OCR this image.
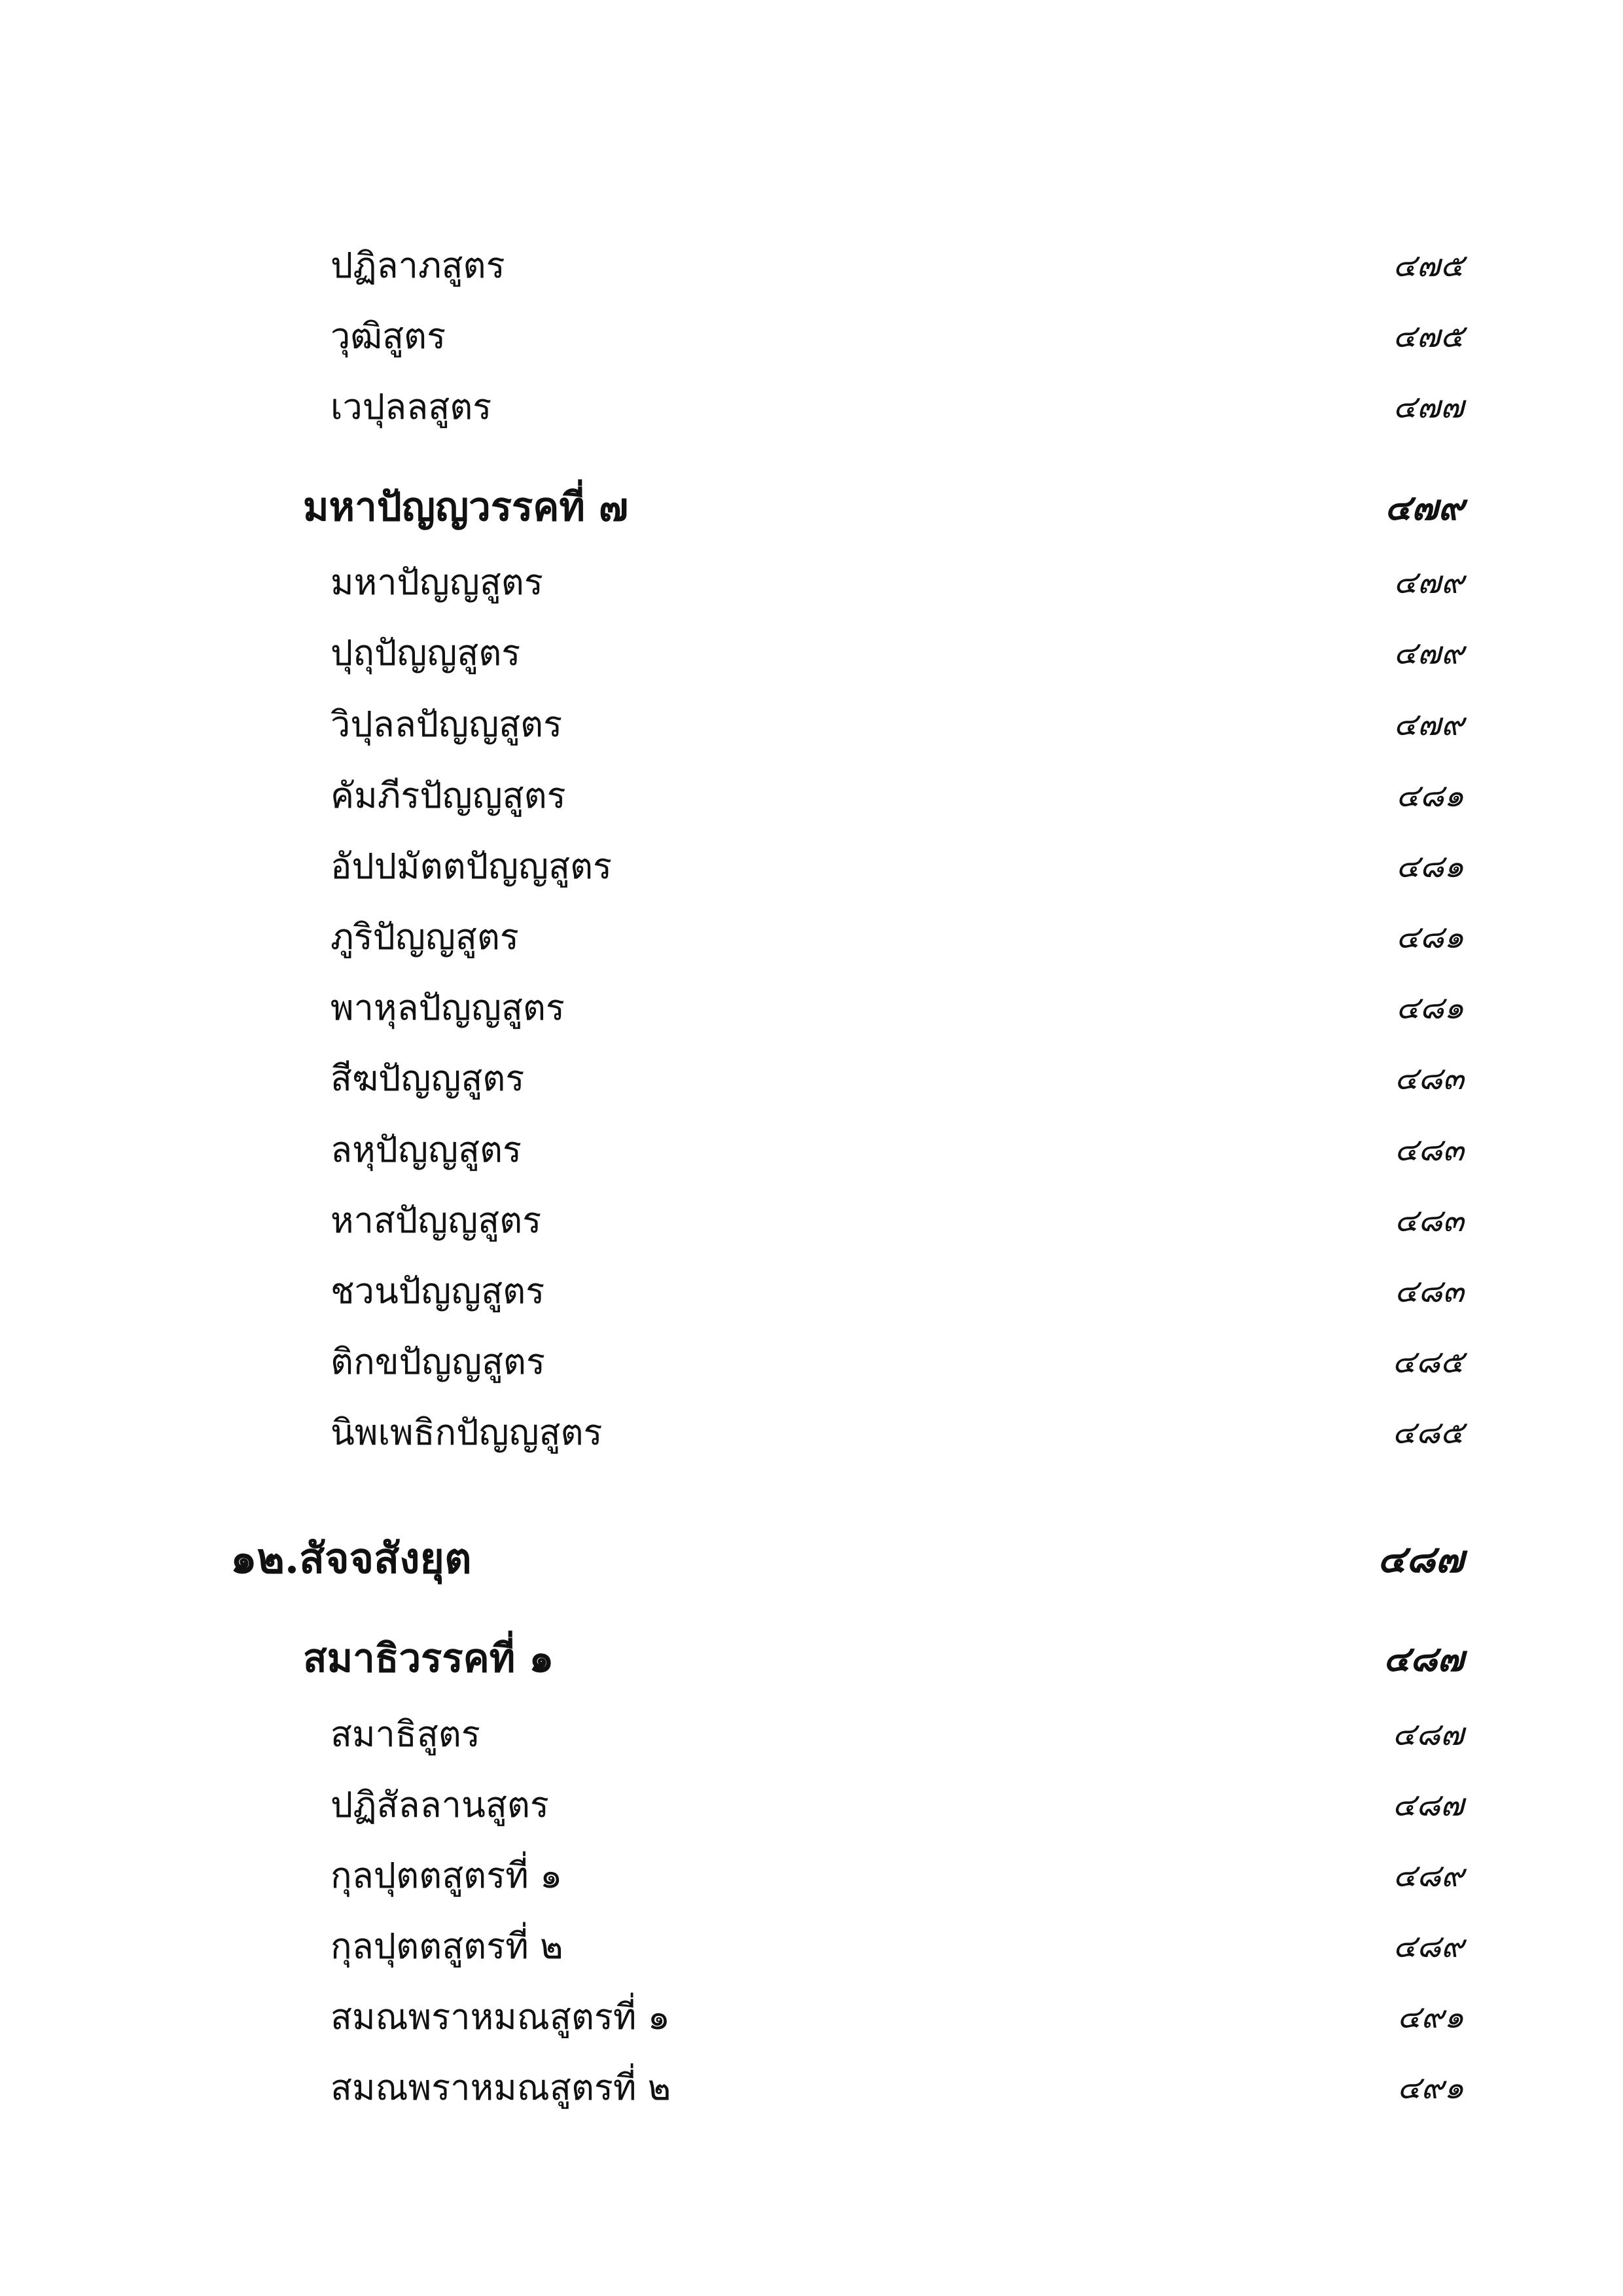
ปฏิลาภสูตร	๔๗๕
วุฒิสูตร	๔๗๕
เวปุลลสูตร	๔๗๗
มหาปัญญวรรคที่ ๗	๔๗๙
มหาปัญญสูตร	๔๗๙
ปุถุปัญญสูตร	๔๗๙
วิปุลลปัญญสูตร	๔๗๙
คัมภีรปัญญสูตร	๔๘๑
อัปปมัตตปัญญสูตร	๔๘๑
ภูริปัญญสูตร	๔๘๑
พาหุลปัญญสูตร	๔๘๑
สีฆปัญญสูตร	๔๘๓
ลหุปัญญสูตร	๔๘๓
หาสปัญญสูตร	๔๘๓
ชวนปัญญสูตร	๔๘๓
ติกขปัญญสูตร	๔๘๕
นิพเพธิกปัญญสูตร	๔๘๕
๑๒.สัจจสังยุต	๔๘๗
สมาธิวรรคที่ ๑	๔๘๗
สมาธิสูตร	๔๘๗
ปฏิสัลลานสูตร	๔๘๗
กุลปุตตสูตรที่ ๑	๔๘๙
กุลปุตตสูตรที่ ๒	๔๘๙
สมณพราหมณสูตรที่ ๑	๔๙๑
สมณพราหมณสูตรที่ ๒	๔๙๑
